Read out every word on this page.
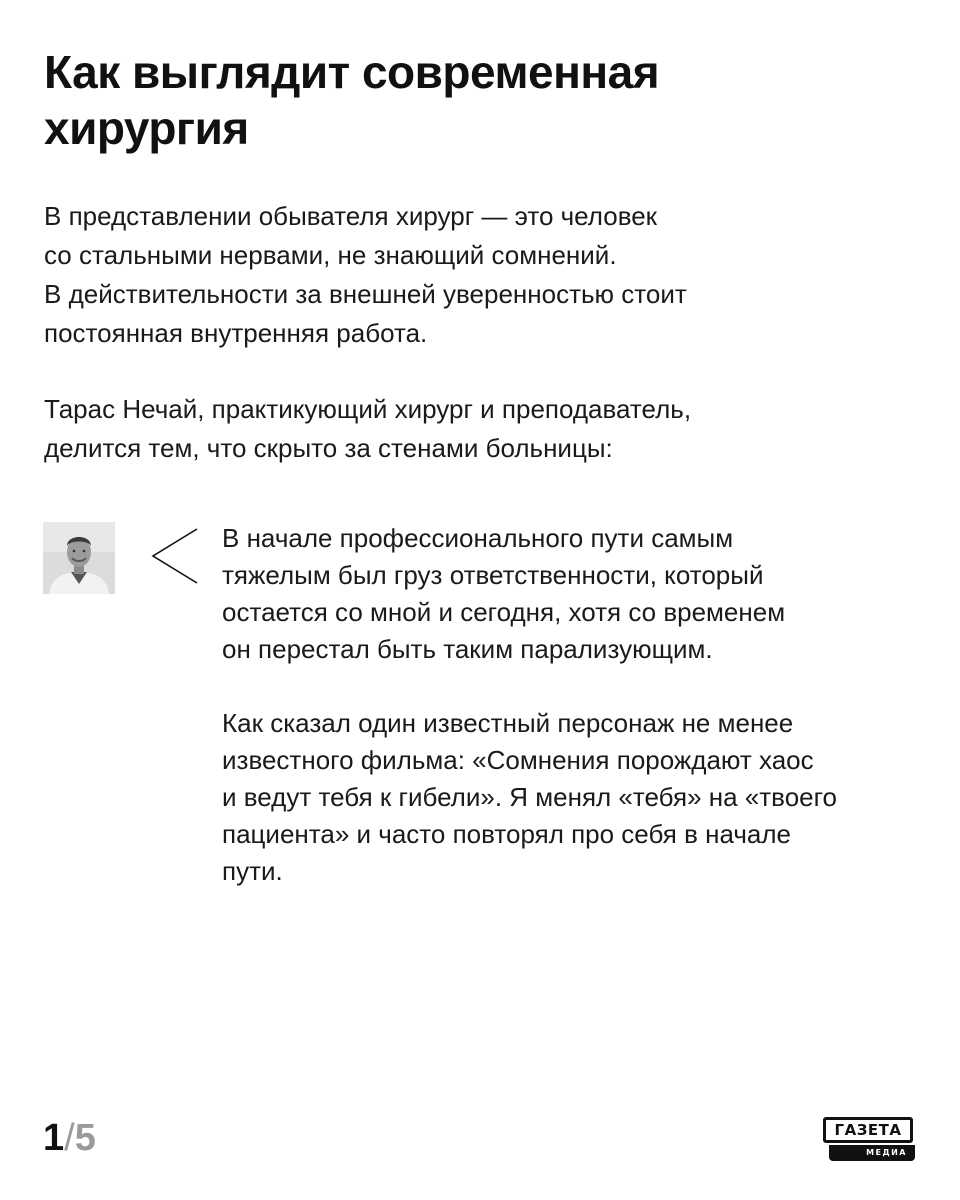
Как выглядит современная
хирургия

В представлении обывателя хирург — это человек
со стальными нервами, не знающий сомнений.
В действительности за внешней уверенностью стоит
постоянная внутренняя работа.

Тарас Нечай, практикующий хирург и преподаватель,
делится тем, что скрыто за стенами больницы:

В начале профессионального пути самым
тяжелым был груз ответственности, который
остается со мной и сегодня, хотя со временем
он перестал быть таким парализующим.

Как сказал один известный персонаж не менее
известного фильма: «Сомнения порождают хаос
и ведут тебя к гибели». Я менял «тебя» на «твоего
пациента» и часто повторял про себя в начале
пути.

1/5	МЕДИА
ГАЗЕТА
